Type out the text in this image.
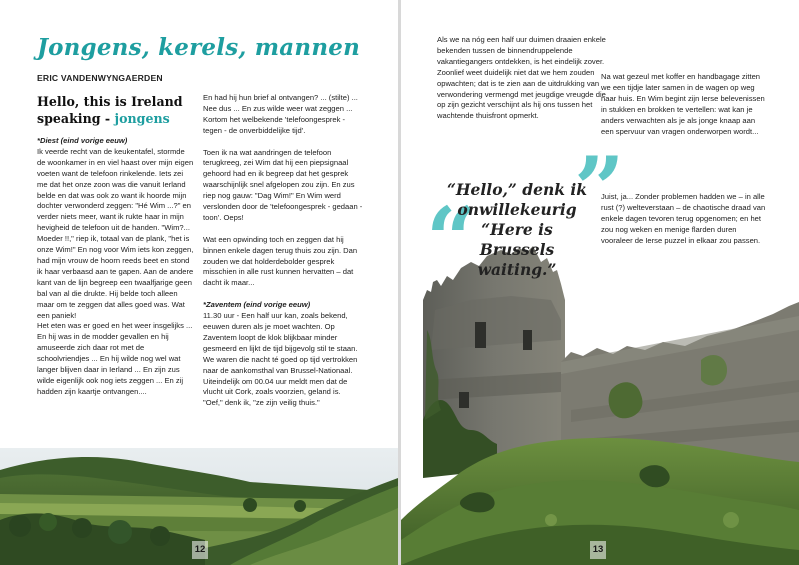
Jongens, kerels, mannen
ERIC VANDENWYNGAERDEN
Hello, this is Ireland speaking - jongens
*Diest (eind vorige eeuw)
Ik veerde recht van de keukentafel, stormde de woonkamer in en viel haast over mijn eigen voeten want de telefoon rinkelende. Iets zei me dat het onze zoon was die vanuit Ierland belde en dat was ook zo want ik hoorde mijn dochter verwonderd zeggen: "Hé Wim ...?" en verder niets meer, want ik rukte haar in mijn hevigheid de telefoon uit de handen. "Wim?... Moeder !!," riep ik, totaal van de plank, "het is onze Wim!" En nog voor Wim iets kon zeggen, had mijn vrouw de hoorn reeds beet en stond ik haar verbaasd aan te gapen. Aan de andere kant van de lijn begreep een twaalfjarige geen bal van al die drukte. Hij belde toch alleen maar om te zeggen dat alles goed was. Wat een paniek!
Het eten was er goed en het weer insgelijks ... En hij was in de modder gevallen en hij amuseerde zich daar rot met de schoolvriendjes ... En hij wilde nog wel wat langer blijven daar in Ierland ... En zijn zus wilde eigenlijk ook nog iets zeggen ... En zij hadden zijn kaartje ontvangen....

En had hij hun brief al ontvangen? ... (stilte) ... Nee dus ... En zus wilde weer wat zeggen ... Kortom het welbekende 'telefoongesprek - tegen - de onverbiddelijke tijd'.

Toen ik na wat aandringen de telefoon terugkreeg, zei Wim dat hij een piepsignaal gehoord had en ik begreep dat het gesprek waarschijnlijk snel afgelopen zou zijn. En zus riep nog gauw: "Dag Wim!" En Wim werd verslonden door de 'telefoongesprek - gedaan - toon'. Oeps!

Wat een opwinding toch en zeggen dat hij binnen enkele dagen terug thuis zou zijn. Dan zouden we dat holderdebolder gesprek misschien in alle rust kunnen hervatten – dat dacht ik maar...

*Zaventem (eind vorige eeuw)
11.30 uur - Een half uur kan, zoals bekend, eeuwen duren als je moet wachten. Op Zaventem loopt de klok blijkbaar minder gesmeerd en lijkt de tijd bijgevolg stil te staan. We waren die nacht té goed op tijd vertrokken naar de aankomsthal van Brussel-Nationaal. Uiteindelijk om 00.04 uur meldt men dat de vlucht uit Cork, zoals voorzien, geland is.
"Oef," denk ik, "ze zijn veilig thuis."
12
Als we na nóg een half uur duimen draaien enkele bekenden tussen de binnendruppelende vakantiegangers ontdekken, is het eindelijk zover.
Zoonlief weet duidelijk niet dat we hem zouden opwachten; dat is te zien aan de uitdrukking van verwondering vermengd met jeugdige vreugde die op zijn gezicht verschijnt als hij ons tussen het wachtende thuisfront opmerkt.
Na wat gezeul met koffer en handbagage zitten we een tijdje later samen in de wagen op weg naar huis. En Wim begint zijn Ierse belevenissen in stukken en brokken te vertellen: wat kan je anders verwachten als je als jonge knaap aan een spervuur van vragen onderworpen wordt...
Juist, ja... Zonder problemen hadden we – in alle rust (?) welteverstaan – de chaotische draad van enkele dagen tevoren terug opgenomen; en het zou nog weken en menige flarden duren vooraleer de Ierse puzzel in elkaar zou passen.
13
“ ”
“Hello,” denk ik onwillekeurig “Here is Brussels waiting.”
